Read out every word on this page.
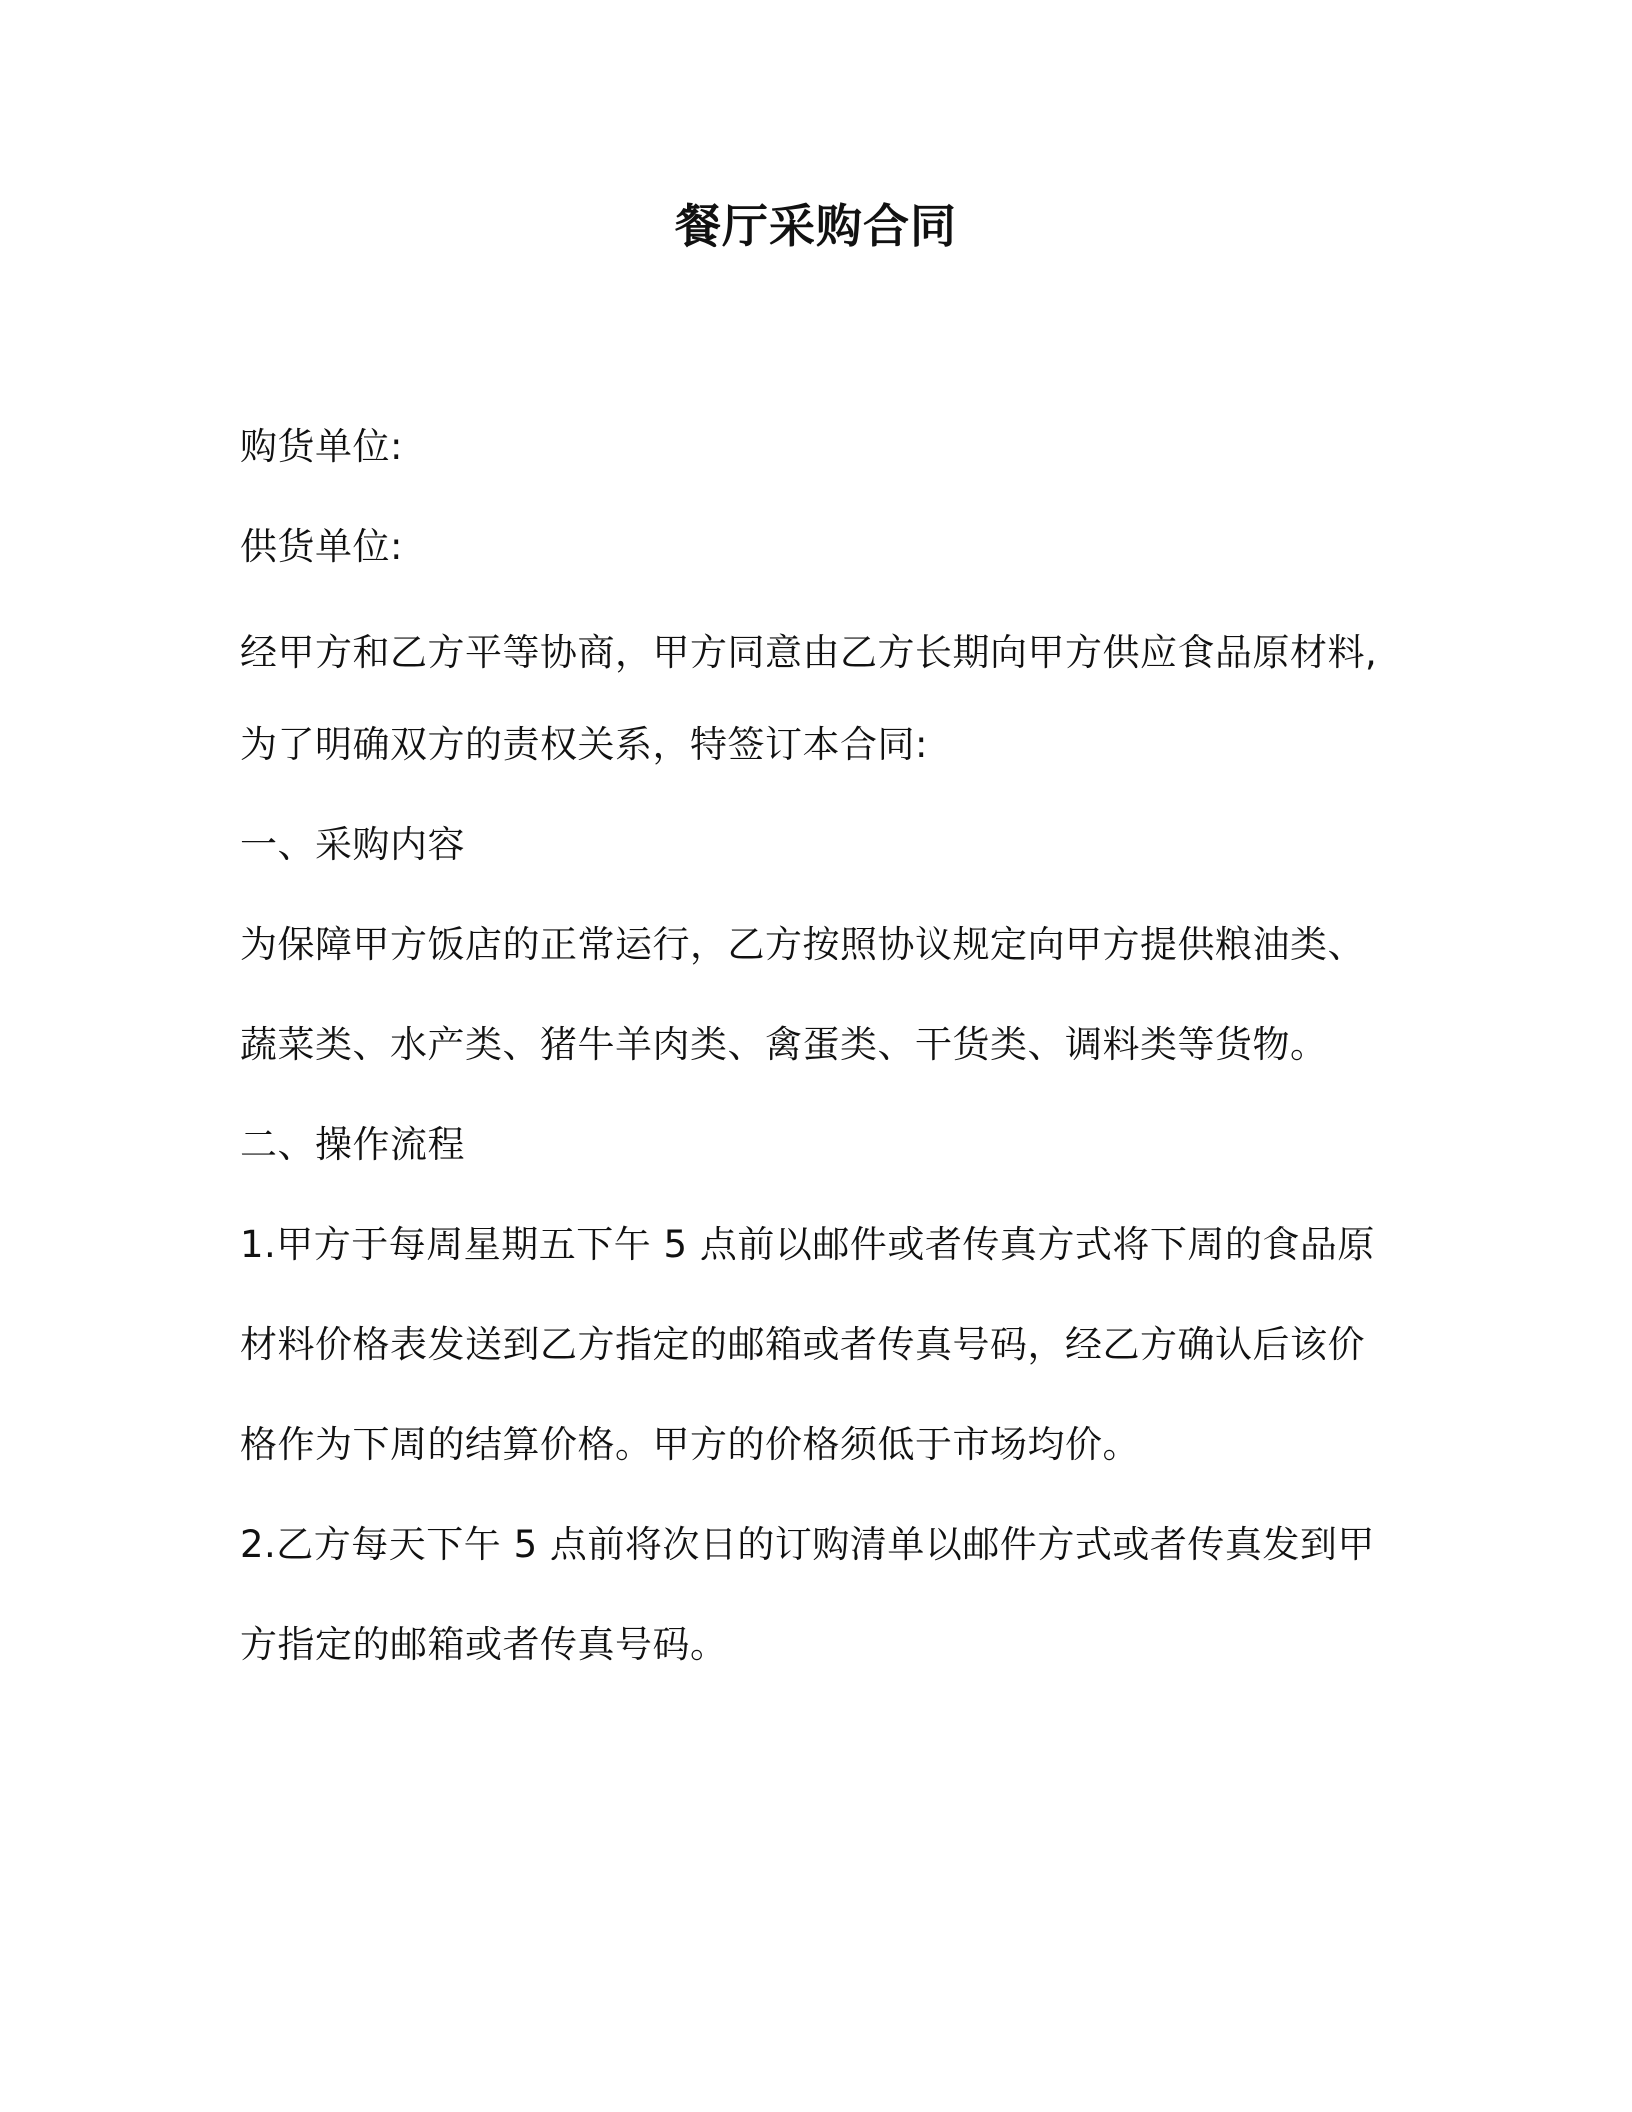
餐厅采购合同
购货单位:
供货单位:
经甲方和乙方平等协商，甲方同意由乙方长期向甲方供应食品原材料,
为了明确双方的责权关系，特签订本合同:
一、采购内容
为保障甲方饭店的正常运行，乙方按照协议规定向甲方提供粮油类、
蔬菜类、水产类、猪牛羊肉类、禽蛋类、干货类、调料类等货物。
二、操作流程
1.甲方于每周星期五下午 5 点前以邮件或者传真方式将下周的食品原
材料价格表发送到乙方指定的邮箱或者传真号码，经乙方确认后该价
格作为下周的结算价格。甲方的价格须低于市场均价。
2.乙方每天下午 5 点前将次日的订购清单以邮件方式或者传真发到甲
方指定的邮箱或者传真号码。
